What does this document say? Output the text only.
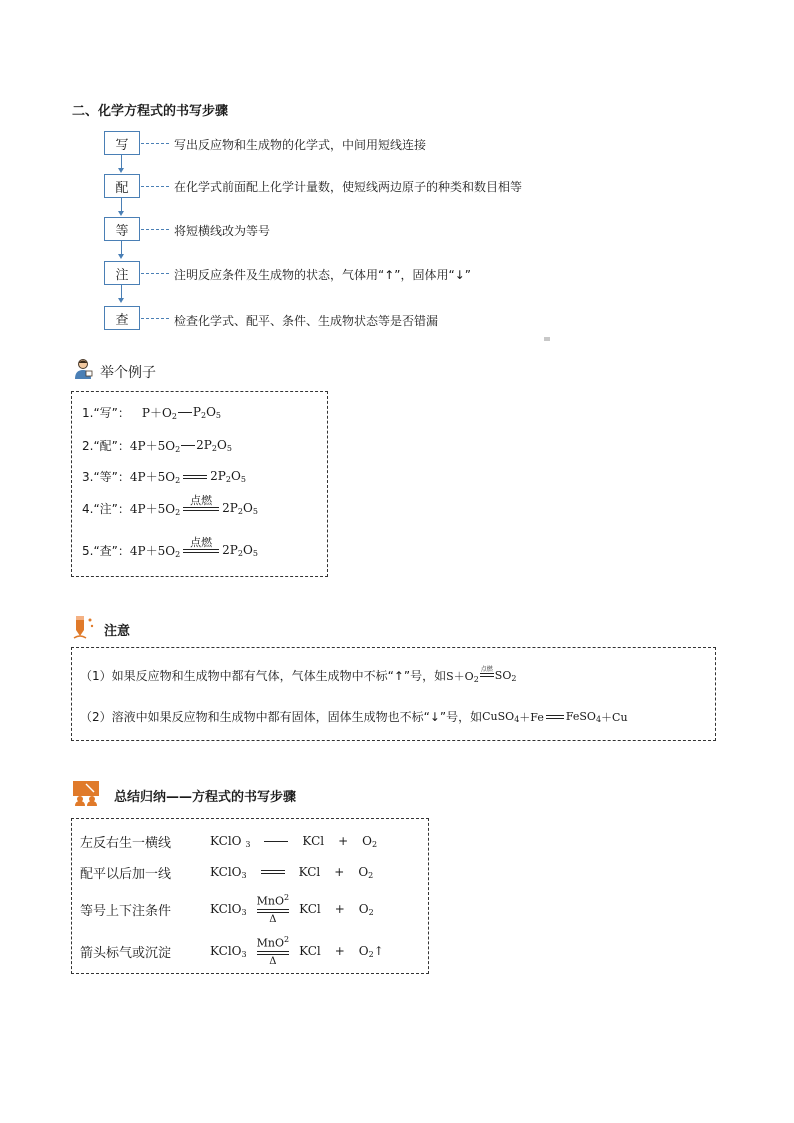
二、化学方程式的书写步骤
写	写出反应物和生成物的化学式，中间用短线连接
配	在化学式前面配上化学计量数，使短线两边原子的种类和数目相等
等	将短横线改为等号
注	注明反应条件及生成物的状态，气体用“↑”，固体用“↓”
查	检查化学式、配平、条件、生成物状态等是否错漏
举个例子
1.“写”： $P+O_2$ $P_2O_5$
2.“配”： $4P+5O_2$ $2P_2O_5$
3.“等”： $4P+5O_2$	$2P_2O_5$
4.“注”： $4P+5O_2$
点燃
$2P_2O_5$
5.“查”： $4P+5O_2$
点燃
$2P_2O_5$
注意
（1）如果反应物和生成物中都有气体，气体生成物中不标“↑”号，如 $S+O_2$
点燃 $SO_2$
（2）溶液中如果反应物和生成物中都有固体，固体生成物也不标“↓”号，如 CuSO$_4$ ＋Fe FeSO$_4$ ＋Cu
总结归纳——方程式的书写步骤
左反右生一横线	KClO $_3$	KCl + $O_2$
配平以后加一线	KClO$_3$	KCl + $O_2$
等号上下注条件	KClO$_3$ $\frac{MnO^2}{\Delta}$ KCl + $O_2$
箭头标气或沉淀	KClO$_3$ $\frac{MnO^2}{\Delta}$ KCl + $O_2↑$
